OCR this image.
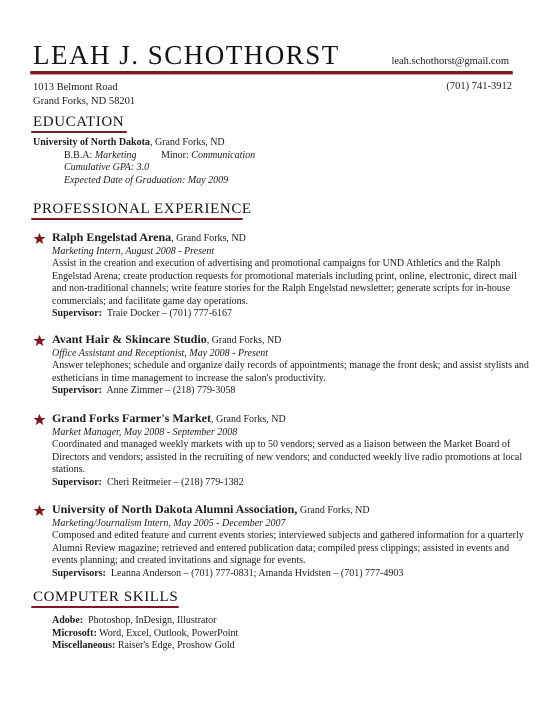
LEAH J. SCHOTHORST	leah.schothorst@gmail.com
1013 Belmont Road
Grand Forks, ND 58201
(701) 741-3912
EDUCATION
University of North Dakota, Grand Forks, ND
B.B.A: Marketing Minor: Communication
Cumulative GPA: 3.0
Expected Date of Graduation: May 2009
PROFESSIONAL EXPERIENCE
Ralph Engelstad Arena, Grand Forks, ND
Marketing Intern, August 2008 - Present
Assist in the creation and execution of advertising and promotional campaigns for UND Athletics and the Ralph Engelstad Arena; create production requests for promotional materials including print, online, electronic, direct mail and non-traditional channels; write feature stories for the Ralph Engelstad newsletter; generate scripts for in-house commercials; and facilitate game day operations.
Supervisor: Traie Docker – (701) 777-6167
Avant Hair & Skincare Studio, Grand Forks, ND
Office Assistant and Receptionist, May 2008 - Present
Answer telephones; schedule and organize daily records of appointments; manage the front desk; and assist stylists and estheticians in time management to increase the salon's productivity.
Supervisor: Anne Zimmer – (218) 779-3058
Grand Forks Farmer's Market, Grand Forks, ND
Market Manager, May 2008 - September 2008
Coordinated and managed weekly markets with up to 50 vendors; served as a liaison between the Market Board of Directors and vendors; assisted in the recruiting of new vendors; and conducted weekly live radio promotions at local stations.
Supervisor: Cheri Reitmeier – (218) 779-1382
University of North Dakota Alumni Association, Grand Forks, ND
Marketing/Journalism Intern, May 2005 - December 2007
Composed and edited feature and current events stories; interviewed subjects and gathered information for a quarterly Alumni Review magazine; retrieved and entered publication data; compiled press clippings; assisted in events and events planning; and created invitations and signage for events.
Supervisors: Leanna Anderson – (701) 777-0831; Amanda Hvidsten – (701) 777-4903
COMPUTER SKILLS
Adobe: Photoshop, InDesign, Illustrator
Microsoft: Word, Excel, Outlook, PowerPoint
Miscellaneous: Raiser's Edge, Proshow Gold
